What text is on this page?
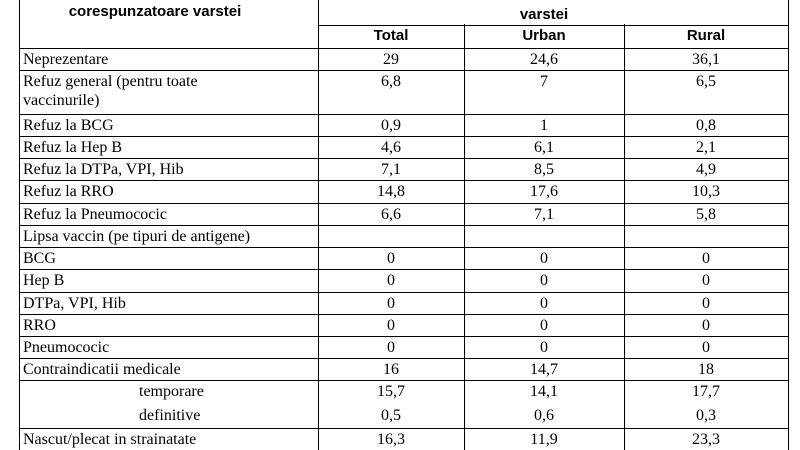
corespunzatoare varstei	varstei
Total	Urban	Rural
Neprezentare	29	24,6	36,1
Refuz general (pentru toate
vaccinurile)
6,8	7	6,5
Refuz la BCG	0,9	1	0,8
Refuz la Hep B	4,6	6,1	2,1
Refuz la DTPa, VPI, Hib	7,1	8,5	4,9
Refuz la RRO	14,8	17,6	10,3
Refuz la Pneumococic	6,6	7,1	5,8
Lipsa vaccin (pe tipuri de antigene)
BCG	0	0	0
Hep B	0	0	0
DTPa, VPI, Hib	0	0	0
RRO	0	0	0
Pneumococic	0	0	0
Contraindicatii medicale	16	14,7	18
temporare	15,7	14,1	17,7
definitive	0,5	0,6	0,3
Nascut/plecat in strainatate	16,3	11,9	23,3
